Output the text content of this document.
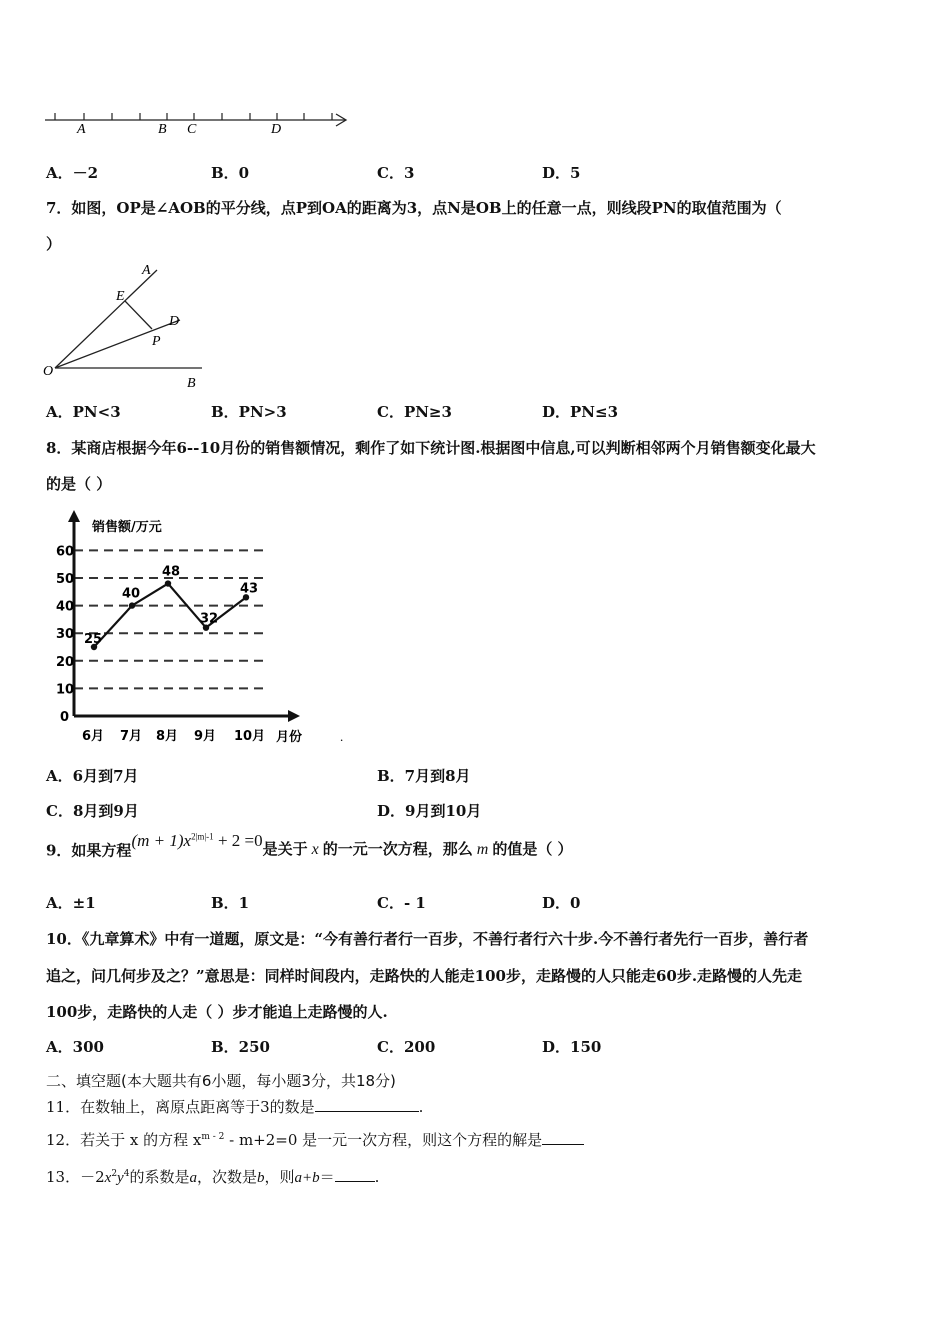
A	B C	D
A．－2	B．0	C．3	D．5
7．如图，OP是∠AOB的平分线，点P到OA的距离为3，点N是OB上的任意一点，则线段PN的取值范围为（
）
A
E
D
P
O
B
A．PN<3	B．PN>3	C．PN≥3	D．PN≤3
8．某商店根据今年6--10月份的销售额情况，剩作了如下统计图.根据图中信息,可以判断相邻两个月销售额变化最大
的是（ ）
销售额/万元
月份
0
10
20
30
40
50
60
6月 7月 8月 9月 10月
25
40
48
32
43
.
A．6月到7月	B．7月到8月
C．8月到9月	D．9月到10月
9．如果方程$(m + 1)x^{2|m|-1} + 2 =0$是关于 x 的一元一次方程，那么 m 的值是（ ）
A．±1	B．1	C．- 1	D．0
10．《九章算术》中有一道题，原文是：“今有善行者行一百步，不善行者行六十步.今不善行者先行一百步，善行者
追之，问几何步及之？”意思是：同样时间段内，走路快的人能走100步，走路慢的人只能走60步.走路慢的人先走
100步，走路快的人走（ ）步才能追上走路慢的人.
A．300	B．250	C．200	D．150
二、填空题(本大题共有6小题，每小题3分，共18分)
11．在数轴上，离原点距离等于3的数是	.
12．若关于 x 的方程 $x^{m - 2} - m+2=0$ 是一元一次方程，则这个方程的解是
13．$-2x^2y^4$的系数是a，次数是b，则a+b＝	.
